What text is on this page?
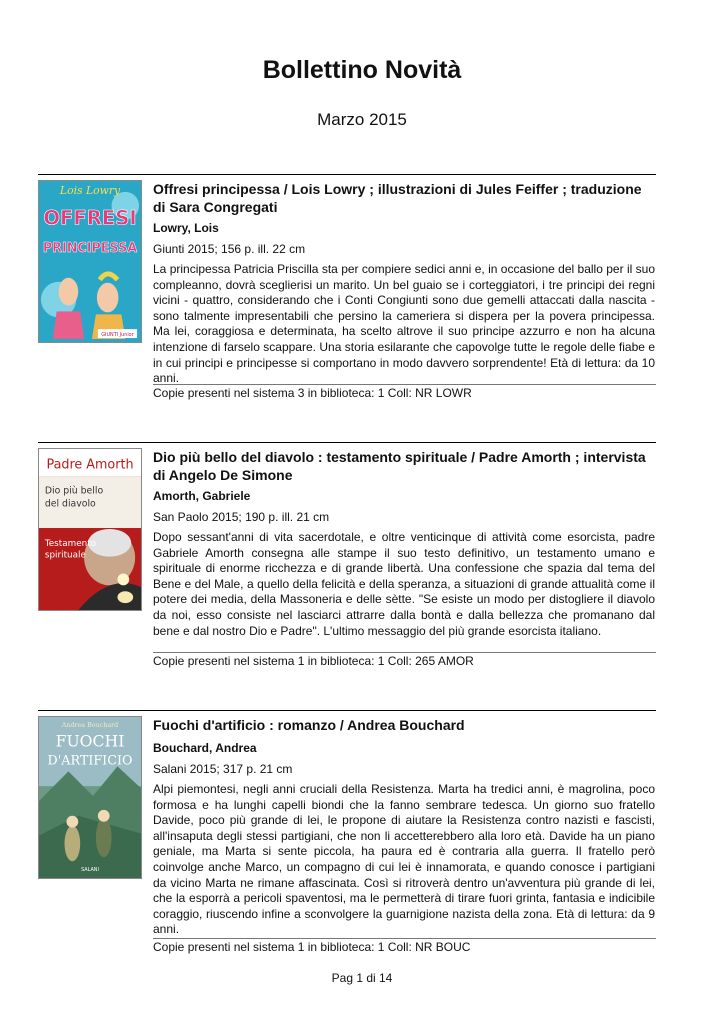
Bollettino Novità
Marzo 2015
Lois Lowry
OFFRESI
PRINCIPESSA
GIUNTI Junior
Offresi principessa / Lois Lowry ; illustrazioni di Jules Feiffer ; traduzione di Sara Congregati
Lowry, Lois
Giunti 2015; 156 p. ill. 22 cm
La principessa Patricia Priscilla sta per compiere sedici anni e, in occasione del ballo per il suo compleanno, dovrà sceglierisi un marito. Un bel guaio se i corteggiatori, i tre principi dei regni vicini - quattro, considerando che i Conti Congiunti sono due gemelli attaccati dalla nascita - sono talmente impresentabili che persino la cameriera si dispera per la povera principessa. Ma lei, coraggiosa e determinata, ha scelto altrove il suo principe azzurro e non ha alcuna intenzione di farselo scappare. Una storia esilarante che capovolge tutte le regole delle fiabe e in cui principi e principesse si comportano in modo davvero sorprendente! Età di lettura: da 10 anni.
Copie presenti nel sistema 3 in biblioteca: 1 Coll: NR LOWR
Padre Amorth
Dio più bello
del diavolo
Testamento
spirituale
Dio più bello del diavolo : testamento spirituale / Padre Amorth ; intervista di Angelo De Simone
Amorth, Gabriele
San Paolo 2015; 190 p. ill. 21 cm
Dopo sessant'anni di vita sacerdotale, e oltre venticinque di attività come esorcista, padre Gabriele Amorth consegna alle stampe il suo testo definitivo, un testamento umano e spirituale di enorme ricchezza e di grande libertà. Una confessione che spazia dal tema del Bene e del Male, a quello della felicità e della speranza, a situazioni di grande attualità come il potere dei media, della Massoneria e delle sètte. "Se esiste un modo per distogliere il diavolo da noi, esso consiste nel lasciarci attrarre dalla bontà e dalla bellezza che promanano dal bene e dal nostro Dio e Padre". L'ultimo messaggio del più grande esorcista italiano.
Copie presenti nel sistema 1 in biblioteca: 1 Coll: 265 AMOR
Andrea Bouchard
FUOCHI
D'ARTIFICIO
SALANI
Fuochi d'artificio : romanzo / Andrea Bouchard
Bouchard, Andrea
Salani 2015; 317 p. 21 cm
Alpi piemontesi, negli anni cruciali della Resistenza. Marta ha tredici anni, è magrolina, poco formosa e ha lunghi capelli biondi che la fanno sembrare tedesca. Un giorno suo fratello Davide, poco più grande di lei, le propone di aiutare la Resistenza contro nazisti e fascisti, all'insaputa degli stessi partigiani, che non li accetterebbero alla loro età. Davide ha un piano geniale, ma Marta si sente piccola, ha paura ed è contraria alla guerra. Il fratello però coinvolge anche Marco, un compagno di cui lei è innamorata, e quando conosce i partigiani da vicino Marta ne rimane affascinata. Così si ritroverà dentro un'avventura più grande di lei, che la esporrà a pericoli spaventosi, ma le permetterà di tirare fuori grinta, fantasia e indicibile coraggio, riuscendo infine a sconvolgere la guarnigione nazista della zona. Età di lettura: da 9 anni.
Copie presenti nel sistema 1 in biblioteca: 1 Coll: NR BOUC
Pag 1 di 14
